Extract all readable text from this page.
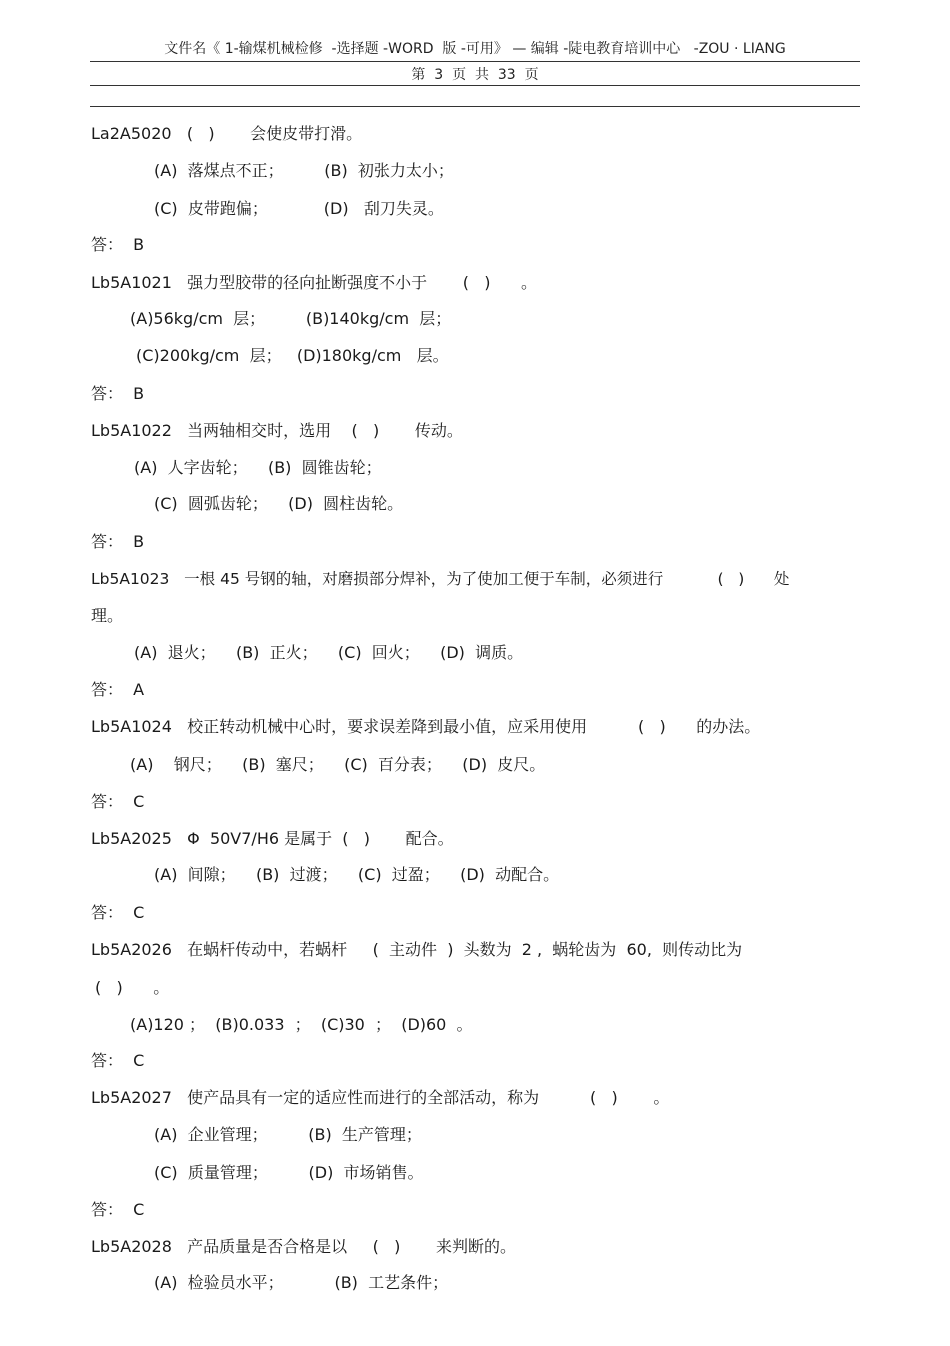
文件名《 1-输煤机械检修  -选择题 -WORD  版 -可用》 — 编辑 -陡电教育培训中心   -ZOU · LIANG
第  3  页  共  33  页
La2A5020   (   )       会使皮带打滑。
(A)  落煤点不正；        (B)  初张力太小；
(C)  皮带跑偏；           (D)   刮刀失灵。
答：  B
Lb5A1021   强力型胶带的径向扯断强度不小于       (   )      。
(A)56kg/cm  层；        (B)140kg/cm  层；
(C)200kg/cm  层；   (D)180kg/cm   层。
答：  B
Lb5A1022   当两轴相交时，选用    (   )       传动。
(A)  人字齿轮；    (B)  圆锥齿轮；
(C)  圆弧齿轮；    (D)  圆柱齿轮。
答：  B
Lb5A1023   一根 45 号钢的轴，对磨损部分焊补，为了使加工便于车制，必须进行           (   )      处
理。
(A)  退火；    (B)  正火；    (C)  回火；    (D)  调质。
答：  A
Lb5A1024   校正转动机械中心时，要求误差降到最小值，应采用使用          (   )      的办法。
(A)    钢尺；    (B)  塞尺；    (C)  百分表；    (D)  皮尺。
答：  C
Lb5A2025   Φ  50V7/H6 是属于  (   )       配合。
(A)  间隙；    (B)  过渡；    (C)  过盈；    (D)  动配合。
答：  C
Lb5A2026   在蜗杆传动中，若蜗杆     (  主动件  )  头数为  2 ,  蜗轮齿为  60,  则传动比为
(   )      。
(A)120 ；  (B)0.033  ；  (C)30  ；  (D)60  。
答：  C
Lb5A2027   使产品具有一定的适应性而进行的全部活动，称为          (   )       。
(A)  企业管理；        (B)  生产管理；
(C)  质量管理；        (D)  市场销售。
答：  C
Lb5A2028   产品质量是否合格是以     (   )       来判断的。
(A)  检验员水平；          (B)  工艺条件；
